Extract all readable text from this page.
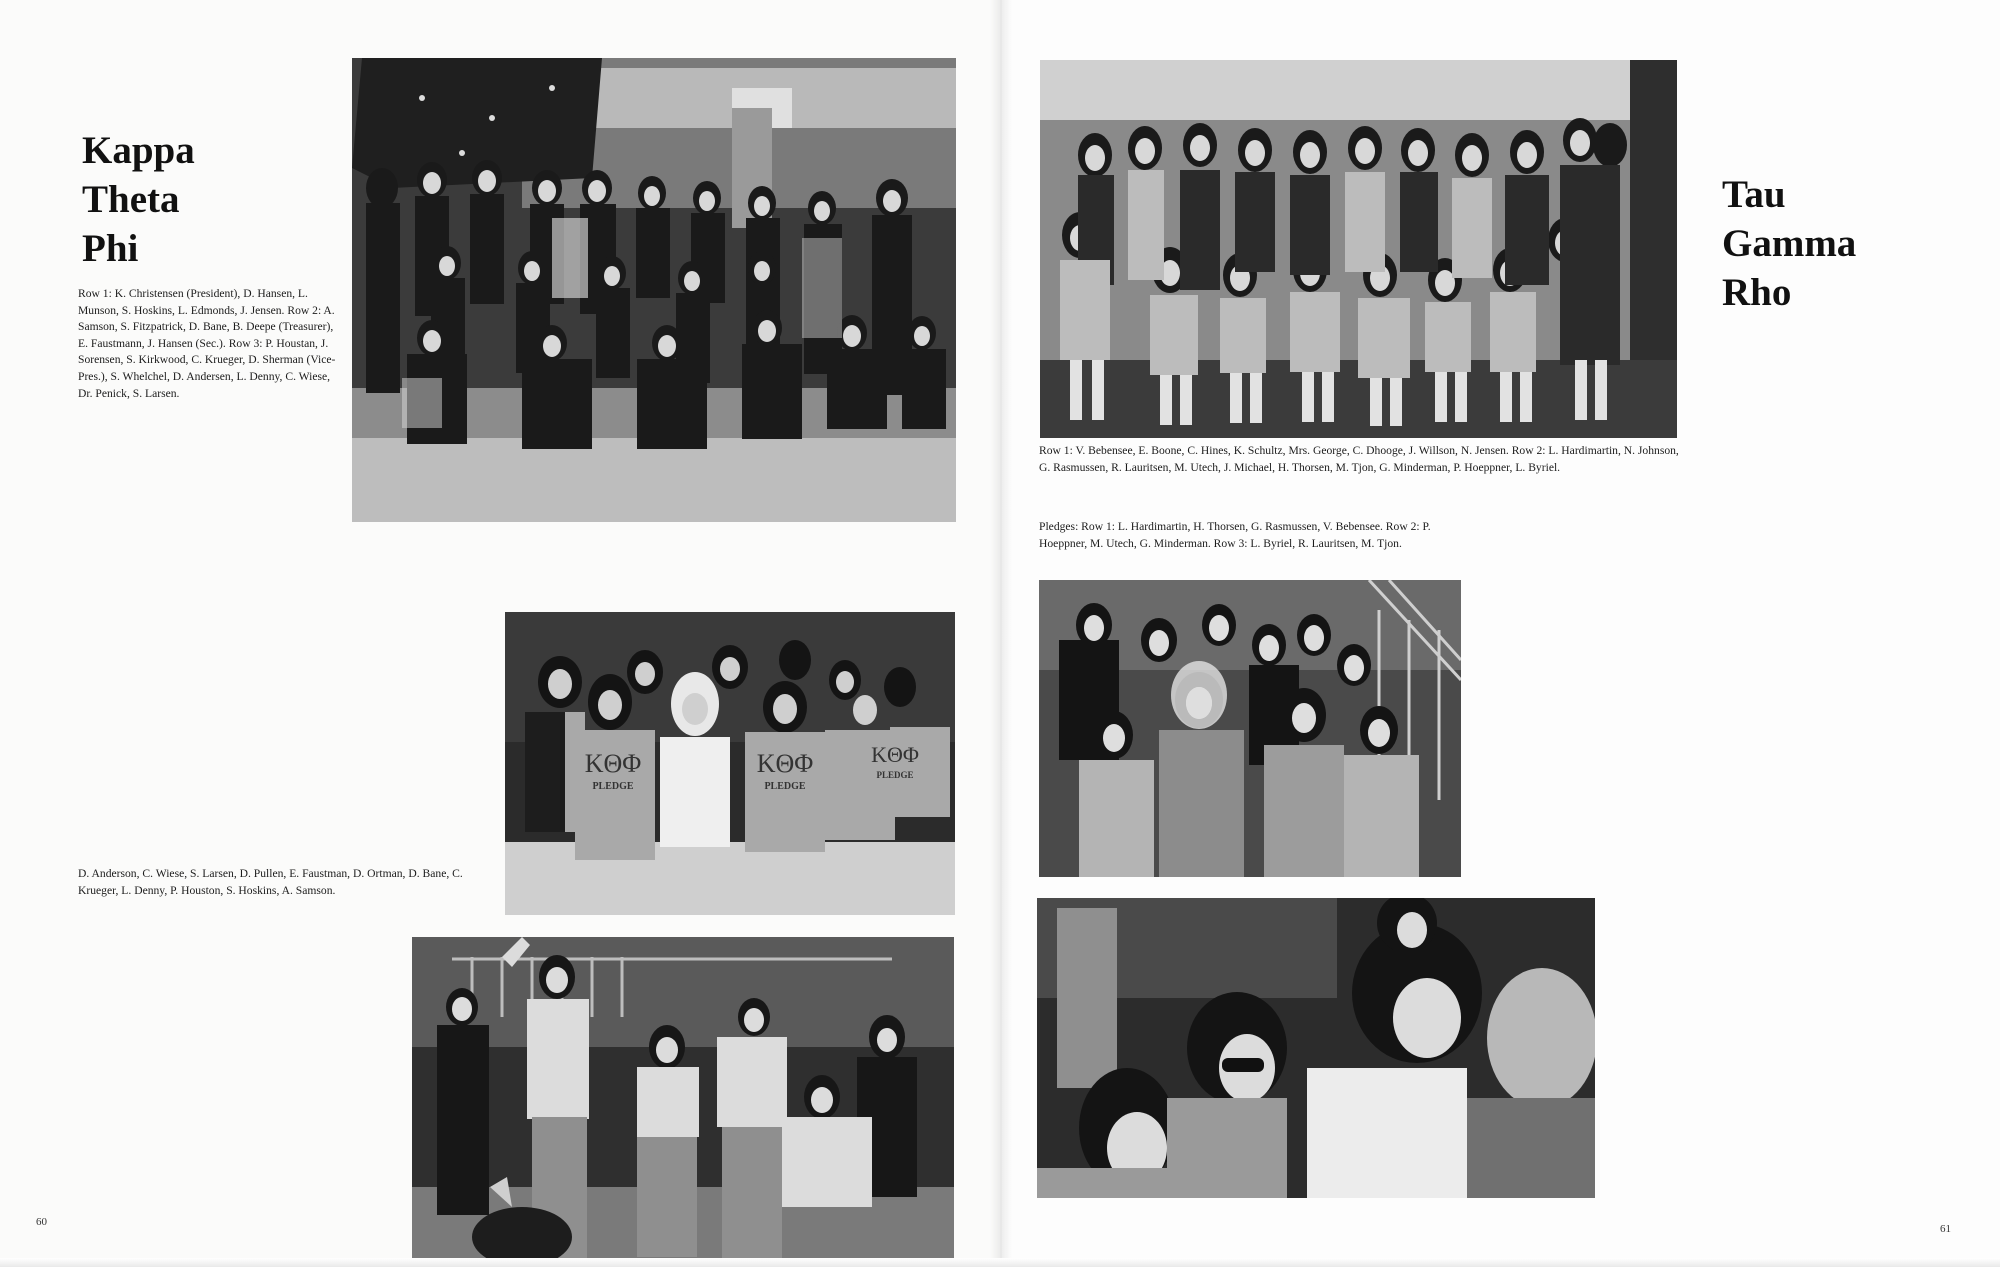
Kappa
Theta
Phi

Row 1: K. Christensen (President), D. Hansen, L. Munson, S. Hoskins, L. Edmonds, J. Jensen. Row 2: A. Samson, S. Fitzpatrick, D. Bane, B. Deepe (Treasurer), E. Faustmann, J. Hansen (Sec.). Row 3: P. Houstan, J. Sorensen, S. Kirkwood, C. Krueger, D. Sherman (Vice-Pres.), S. Whelchel, D. Andersen, L. Denny, C. Wiese, Dr. Penick, S. Larsen.

KΘΦ
PLEDGE
KΘΦ
PLEDGE
KΘΦ
PLEDGE

D. Anderson, C. Wiese, S. Larsen, D. Pullen, E. Faustman, D. Ortman, D. Bane, C. Krueger, L. Denny, P. Houston, S. Hoskins, A. Samson.

60
Tau
Gamma
Rho

Row 1: V. Bebensee, E. Boone, C. Hines, K. Schultz, Mrs. George, C. Dhooge, J. Willson, N. Jensen. Row 2: L. Hardimartin, N. Johnson, G. Rasmussen, R. Lauritsen, M. Utech, J. Michael, H. Thorsen, M. Tjon, G. Minderman, P. Hoeppner, L. Byriel.

Pledges: Row 1: L. Hardimartin, H. Thorsen, G. Rasmussen, V. Bebensee. Row 2: P. Hoeppner, M. Utech, G. Minderman. Row 3: L. Byriel, R. Lauritsen, M. Tjon.

61
